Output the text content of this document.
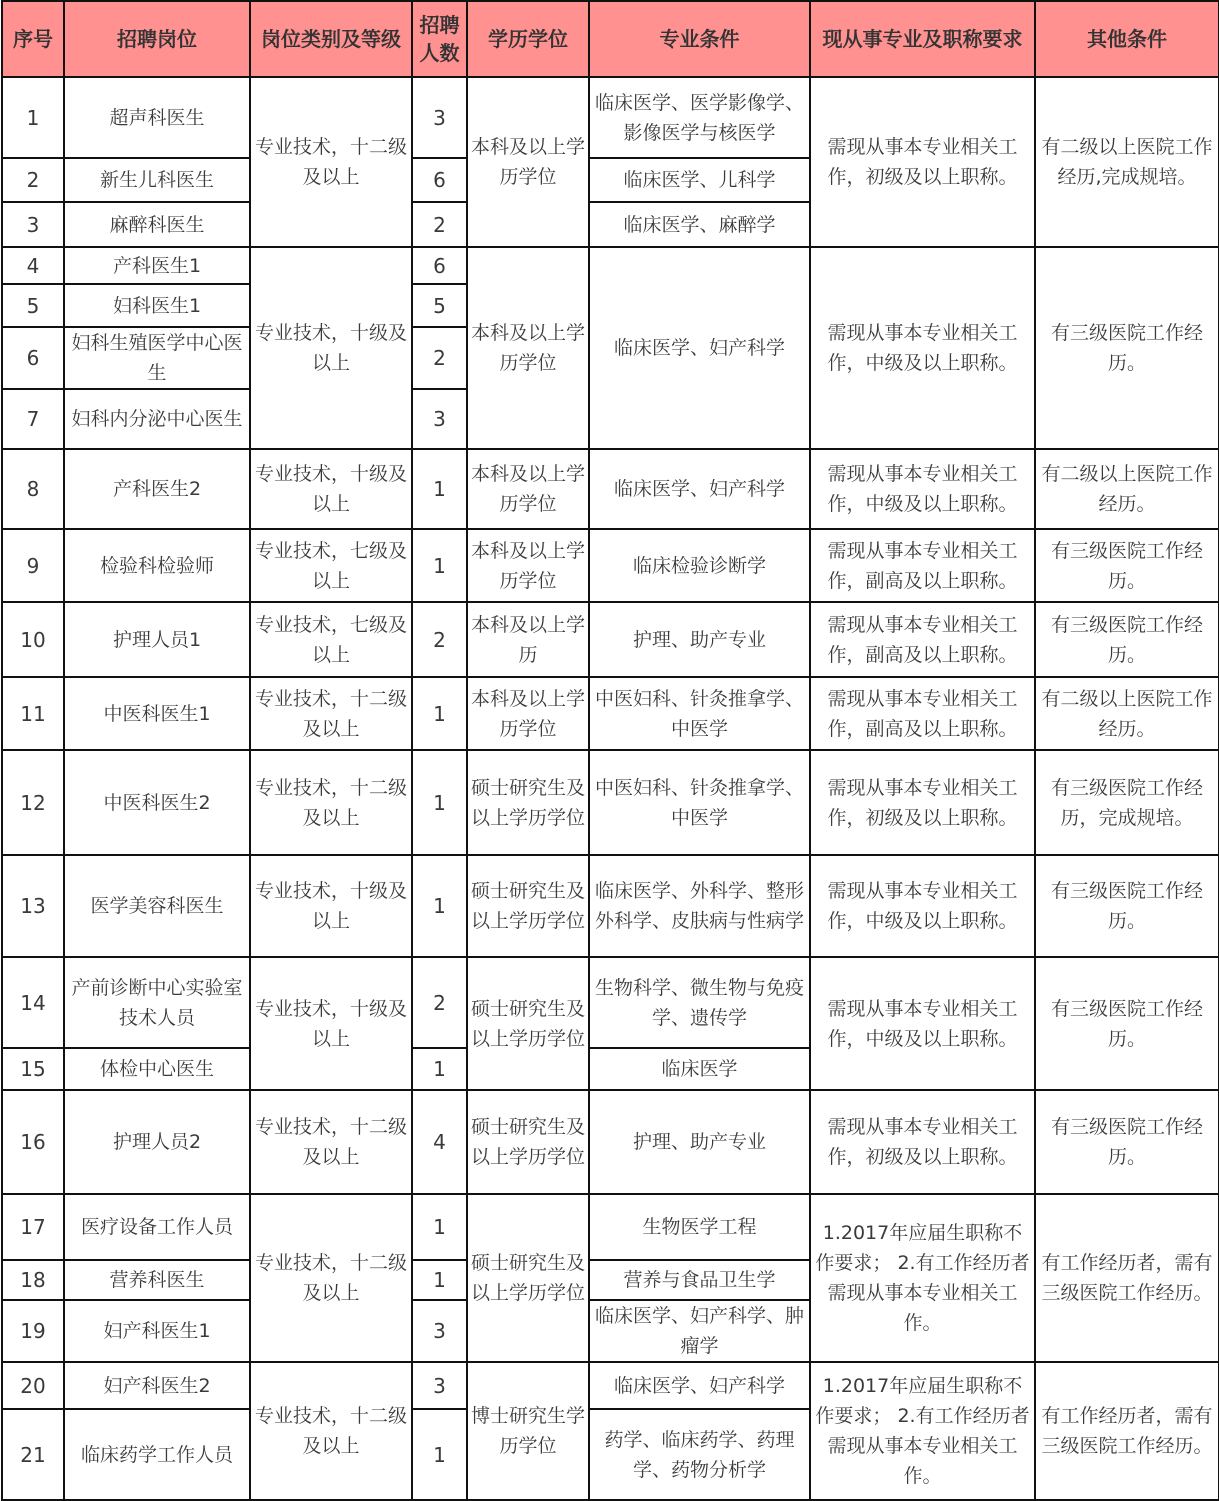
序号	招聘岗位	岗位类别及等级	招聘人数	学历学位	专业条件	现从事专业及职称要求	其他条件
1	超声科医生	专业技术，十二级及以上	3	本科及以上学历学位	临床医学、医学影像学、影像医学与核医学	需现从事本专业相关工作，初级及以上职称。	有二级以上医院工作经历,完成规培。
2	新生儿科医生		6		临床医学、儿科学		
3	麻醉科医生		2		临床医学、麻醉学		
4	产科医生1	专业技术，十级及以上	6	本科及以上学历学位	临床医学、妇产科学	需现从事本专业相关工作，中级及以上职称。	有三级医院工作经历。
5	妇科医生1		5				
6	妇科生殖医学中心医生		2				
7	妇科内分泌中心医生		3				
8	产科医生2	专业技术，十级及以上	1	本科及以上学历学位	临床医学、妇产科学	需现从事本专业相关工作，中级及以上职称。	有二级以上医院工作经历。
9	检验科检验师	专业技术，七级及以上	1	本科及以上学历学位	临床检验诊断学	需现从事本专业相关工作，副高及以上职称。	有三级医院工作经历。
10	护理人员1	专业技术，七级及以上	2	本科及以上学历	护理、助产专业	需现从事本专业相关工作，副高及以上职称。	有三级医院工作经历。
11	中医科医生1	专业技术，十二级及以上	1	本科及以上学历学位	中医妇科、针灸推拿学、中医学	需现从事本专业相关工作，副高及以上职称。	有二级以上医院工作经历。
12	中医科医生2	专业技术，十二级及以上	1	硕士研究生及以上学历学位	中医妇科、针灸推拿学、中医学	需现从事本专业相关工作，初级及以上职称。	有三级医院工作经历，完成规培。
13	医学美容科医生	专业技术，十级及以上	1	硕士研究生及以上学历学位	临床医学、外科学、整形外科学、皮肤病与性病学	需现从事本专业相关工作，中级及以上职称。	有三级医院工作经历。
14	产前诊断中心实验室技术人员	专业技术，十级及以上	2	硕士研究生及以上学历学位	生物科学、微生物与免疫学、遗传学	需现从事本专业相关工作，中级及以上职称。	有三级医院工作经历。
15	体检中心医生		1		临床医学		
16	护理人员2	专业技术，十二级及以上	4	硕士研究生及以上学历学位	护理、助产专业	需现从事本专业相关工作，初级及以上职称。	有三级医院工作经历。
17	医疗设备工作人员	专业技术，十二级及以上	1	硕士研究生及以上学历学位	生物医学工程	1.2017年应届生职称不作要求； 2.有工作经历者需现从事本专业相关工作。	有工作经历者，需有三级医院工作经历。
18	营养科医生		1		营养与食品卫生学		
19	妇产科医生1		3		临床医学、妇产科学、肿瘤学		
20	妇产科医生2	专业技术，十二级及以上	3	博士研究生学历学位	临床医学、妇产科学	1.2017年应届生职称不作要求； 2.有工作经历者需现从事本专业相关工作。	有工作经历者，需有三级医院工作经历。
21	临床药学工作人员		1		药学、临床药学、药理学、药物分析学		
